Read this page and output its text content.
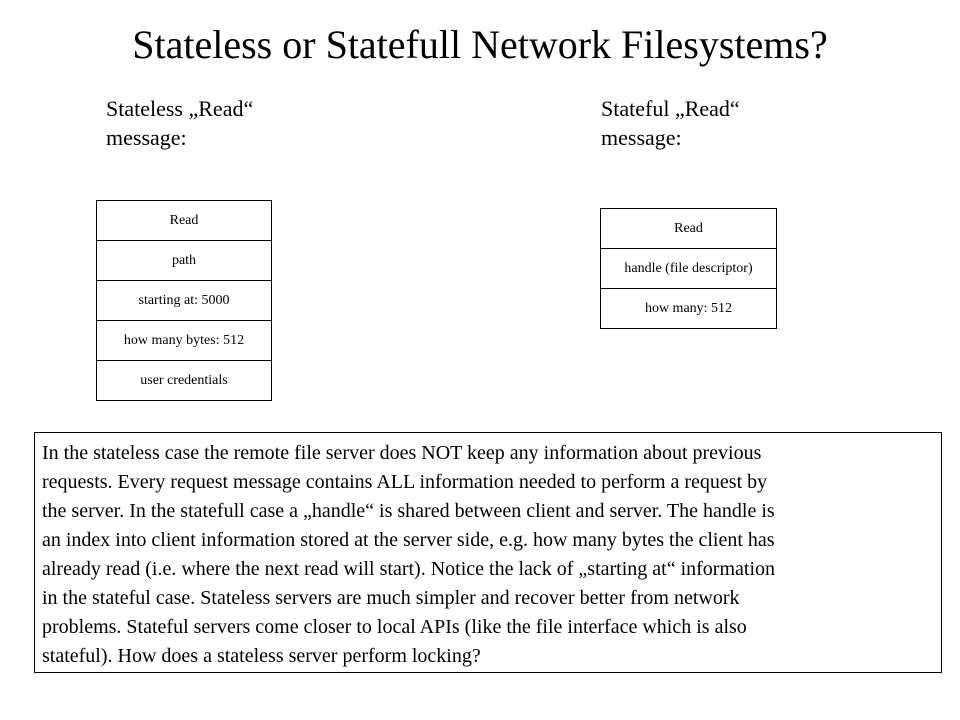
Stateless or Statefull Network Filesystems?
Stateless „Read“
message:
Stateful „Read“
message:
Read
path
starting at: 5000
how many bytes: 512
user credentials
Read
handle (file descriptor)
how many: 512
In the stateless case the remote file server does NOT keep any information about previous
requests. Every request message contains ALL information needed to perform a request by
the server. In the statefull case a „handle“ is shared between client and server. The handle is
an index into client information stored at the server side, e.g. how many bytes the client has
already read (i.e. where the next read will start). Notice the lack of „starting at“ information
in the stateful case. Stateless servers are much simpler and recover better from network
problems. Stateful servers come closer to local APIs (like the file interface which is also
stateful). How does a stateless server perform locking?
